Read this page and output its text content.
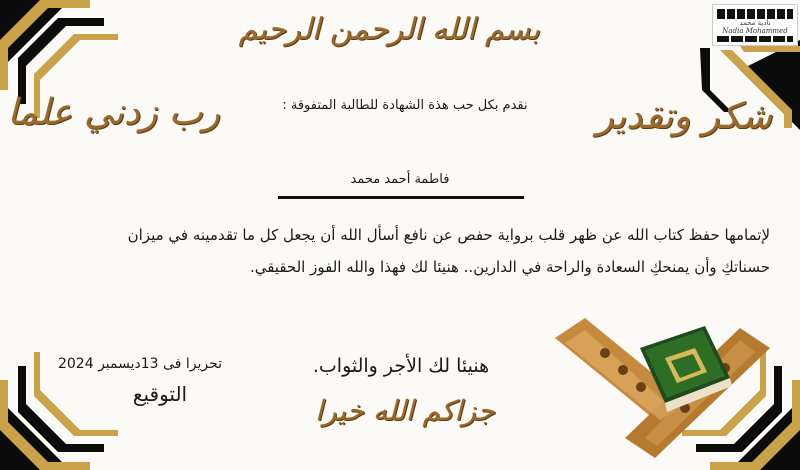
نادية محمد
Nadia Mohammed
بسم الله الرحمن الرحيم
رب زدني علما	شكر وتقدير
نقدم بكل حب هذة الشهادة للطالبة المتفوقة :
فاطمة أحمد محمد
لإتمامها حفظ كتاب الله عن ظهر قلب برواية حفص عن نافع أسأل الله أن يجعل كل ما تقدمينه في ميزان
حسناتكِ وأن يمنحكِ السعادة والراحة في الدارين.. هنيئا لك فهذا والله الفوز الحقيقي.
هنيئا لك الأجر والثواب.
جزاكم الله خيرا
تحريرا فى 13ديسمبر 2024
التوقيع
